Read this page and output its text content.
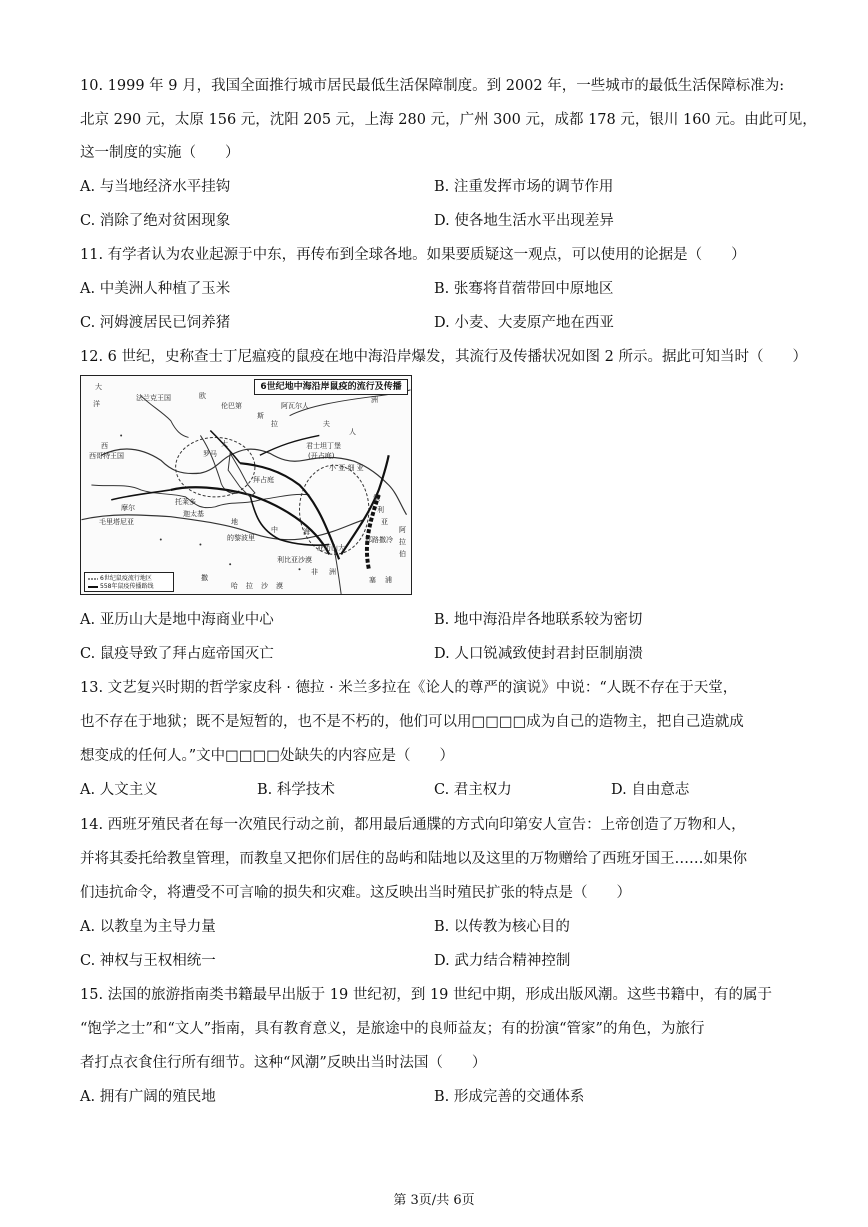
10. 1999 年 9 月，我国全面推行城市居民最低生活保障制度。到 2002 年，一些城市的最低生活保障标准为:
北京 290 元，太原 156 元，沈阳 205 元，上海 280 元，广州 300 元，成都 178 元，银川 160 元。由此可见，
这一制度的实施（　　）
A. 与当地经济水平挂钩	B. 注重发挥市场的调节作用
C. 消除了绝对贫困现象	D. 使各地生活水平出现差异
11. 有学者认为农业起源于中东，再传布到全球各地。如果要质疑这一观点，可以使用的论据是（　　）
A. 中美洲人种植了玉米	B. 张骞将苜蓿带回中原地区
C. 河姆渡居民已饲养猪	D. 小麦、大麦原产地在西亚
12. 6 世纪，史称查士丁尼瘟疫的鼠疫在地中海沿岸爆发，其流行及传播状况如图 2 所示。据此可知当时（　　）
6世纪地中海沿岸鼠疫的流行及传播
大
洋
法兰克王国	欧
伦巴第	阿瓦尔人
斯
拉	夫
人
洲
西
西哥特王国	罗马
大	君士坦丁堡
(开占庭)
小 亚 细 亚
拜占庭
叙
利
亚
托莱多
迦太基
地
中	海
亚历山大
耶路撒冷
阿
拉
伯
摩尔
毛里塔尼亚
的黎波里
利比亚沙漠
撒
哈 拉 沙 漠
非 洲
塞 浦
6世纪鼠疫流行地区
558年鼠疫传播路线
A. 亚历山大是地中海商业中心	B. 地中海沿岸各地联系较为密切
C. 鼠疫导致了拜占庭帝国灭亡	D. 人口锐减致使封君封臣制崩溃
13. 文艺复兴时期的哲学家皮科 · 德拉 · 米兰多拉在《论人的尊严的演说》中说：“人既不存在于天堂，
也不存在于地狱；既不是短暂的，也不是不朽的，他们可以用□□□□成为自己的造物主，把自己造就成
想变成的任何人。”文中□□□□处缺失的内容应是（　　）
A. 人文主义	B. 科学技术	C. 君主权力	D. 自由意志
14. 西班牙殖民者在每一次殖民行动之前，都用最后通牒的方式向印第安人宣告：上帝创造了万物和人，
并将其委托给教皇管理，而教皇又把你们居住的岛屿和陆地以及这里的万物赠给了西班牙国王……如果你
们违抗命令，将遭受不可言喻的损失和灾难。这反映出当时殖民扩张的特点是（　　）
A. 以教皇为主导力量	B. 以传教为核心目的
C. 神权与王权相统一	D. 武力结合精神控制
15. 法国的旅游指南类书籍最早出版于 19 世纪初，到 19 世纪中期，形成出版风潮。这些书籍中，有的属于
“饱学之士”和“文人”指南，具有教育意义，是旅途中的良师益友；有的扮演“管家”的角色，为旅行
者打点衣食住行所有细节。这种“风潮”反映出当时法国（　　）
A. 拥有广阔的殖民地	B. 形成完善的交通体系
第 3页/共 6页
